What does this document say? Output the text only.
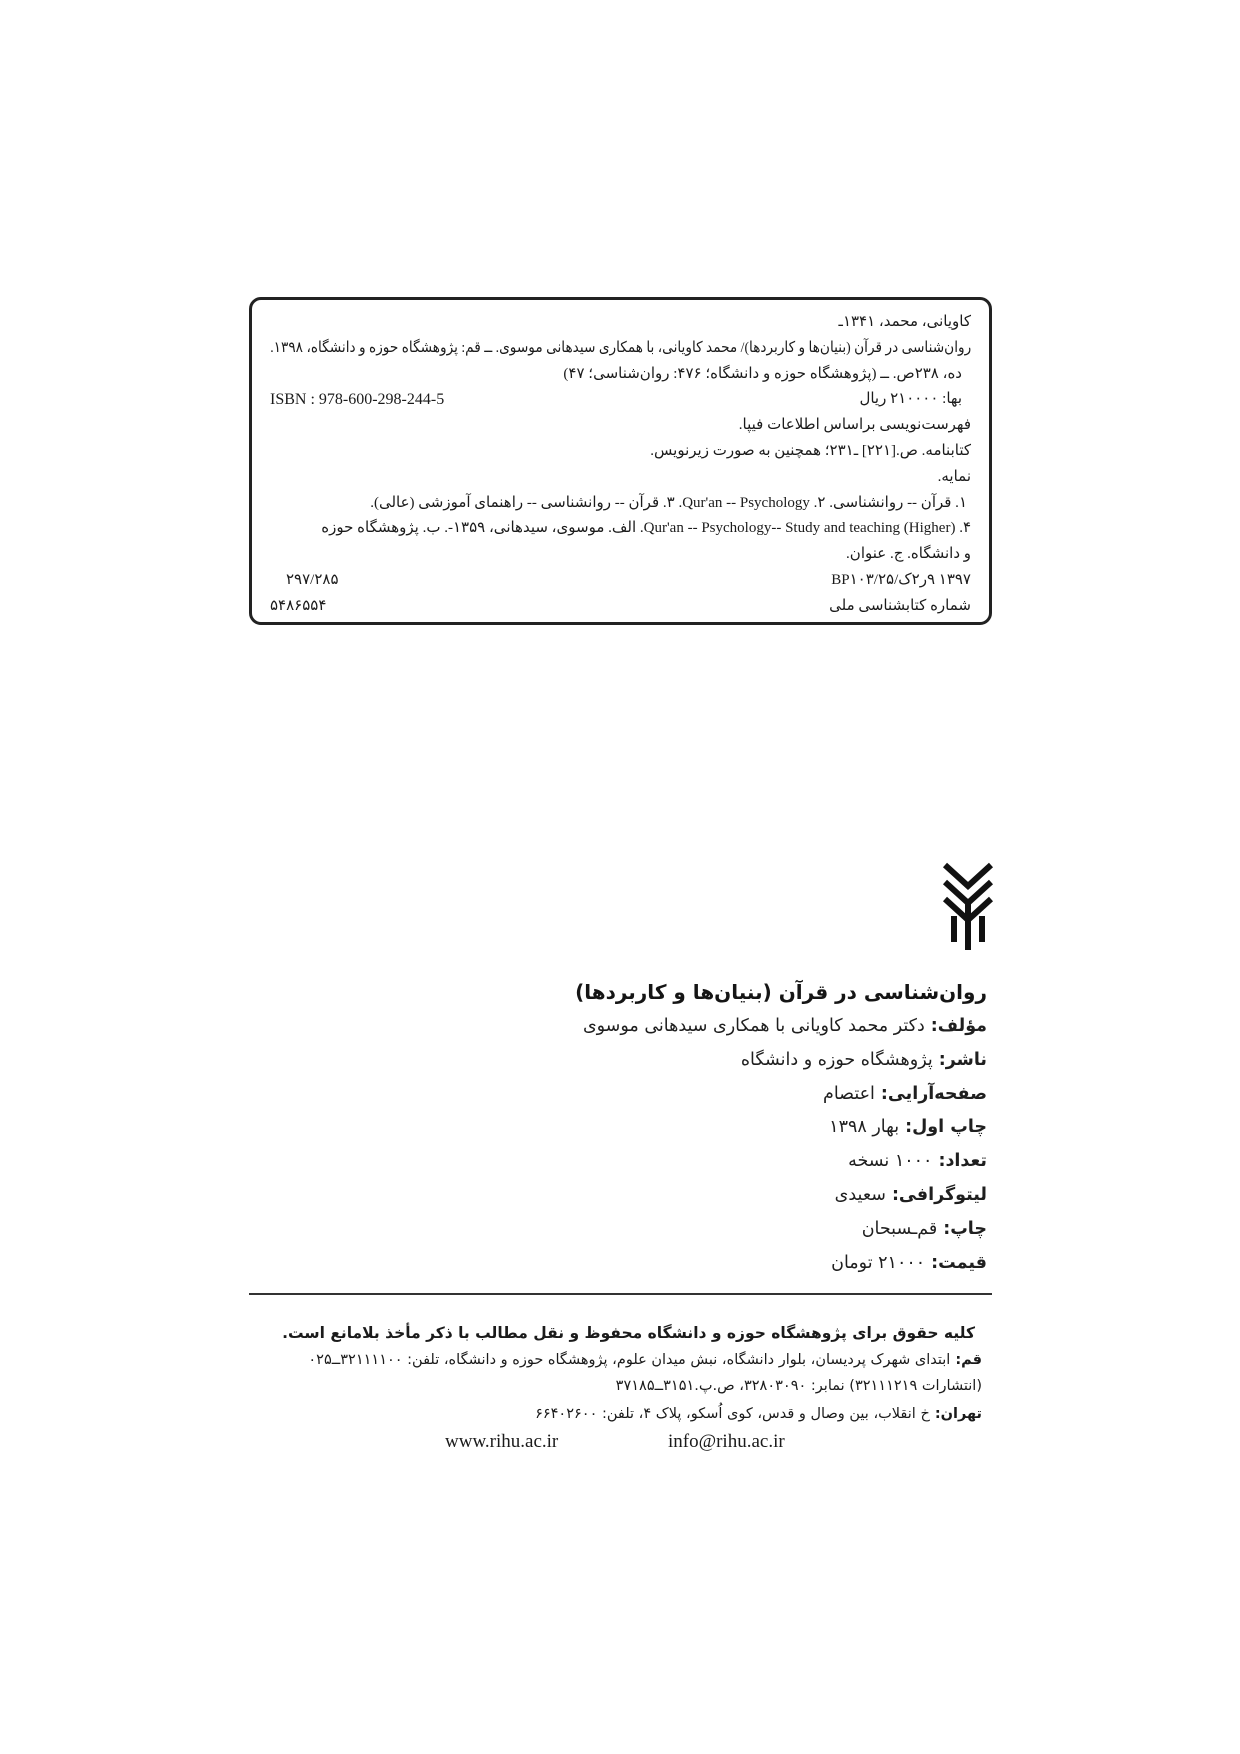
کاویانی، محمد، ۱۳۴۱ـ
روان‌شناسی در قرآن (بنیان‌ها و کاربردها)/ محمد کاویانی، با همکاری سیدهانی موسوی. ــ قم: پژوهشگاه حوزه و دانشگاه، ۱۳۹۸.
ده، ۲۳۸ص. ــ (پژوهشگاه حوزه و دانشگاه؛ ۴۷۶: روان‌شناسی؛ ۴۷)
بها: ۲۱۰۰۰۰ ریال
ISBN : 978-600-298-244-5
فهرست‌نویسی براساس اطلاعات فیپا.
کتابنامه. ص.[۲۲۱] ـ۲۳۱؛ همچنین به صورت زیرنویس.
نمایه.
۱. قرآن -- روانشناسی. ۲. Qur'an -- Psychology.‏ ۳. قرآن -- روانشناسی -- راهنمای آموزشی (عالی).
۴. Qur'an -- Psychology-- Study and teaching (Higher).‏ الف. موسوی، سیدهانی، ۱۳۵۹-. ب. پژوهشگاه حوزه
و دانشگاه. ج. عنوان.
BP۱۰۳/۲۵/ک۲ر۹ ۱۳۹۷
۲۹۷/۲۸۵
شماره کتابشناسی ملی
۵۴۸۶۵۵۴
روان‌شناسی در قرآن (بنیان‌ها و کاربردها)
مؤلف:دکتر محمد کاویانی با همکاری سیدهانی موسوی
ناشر:پژوهشگاه حوزه و دانشگاه
صفحه‌آرایی:اعتصام
چاپ اول:بهار ۱۳۹۸
تعداد:۱۰۰۰ نسخه
لیتوگرافی:سعیدی
چاپ:قم‌ـسبحان
قیمت:۲۱۰۰۰ تومان
کلیه حقوق برای پژوهشگاه حوزه و دانشگاه محفوظ و نقل مطالب با ذکر مأخذ بلامانع است.
قم:ابتدای شهرک پردیسان، بلوار دانشگاه، نبش میدان علوم، پژوهشگاه حوزه و دانشگاه، تلفن: ۳۲۱۱۱۱۰۰ــ۰۲۵
(انتشارات ۳۲۱۱۱۲۱۹) نمابر: ۳۲۸۰۳۰۹۰، ص.پ.۳۱۵۱ــ۳۷۱۸۵
تهران:خ انقلاب، بین وصال و قدس، کوی اُسکو، پلاک ۴، تلفن: ۶۶۴۰۲۶۰۰
www.rihu.ac.ir	info@rihu.ac.ir
